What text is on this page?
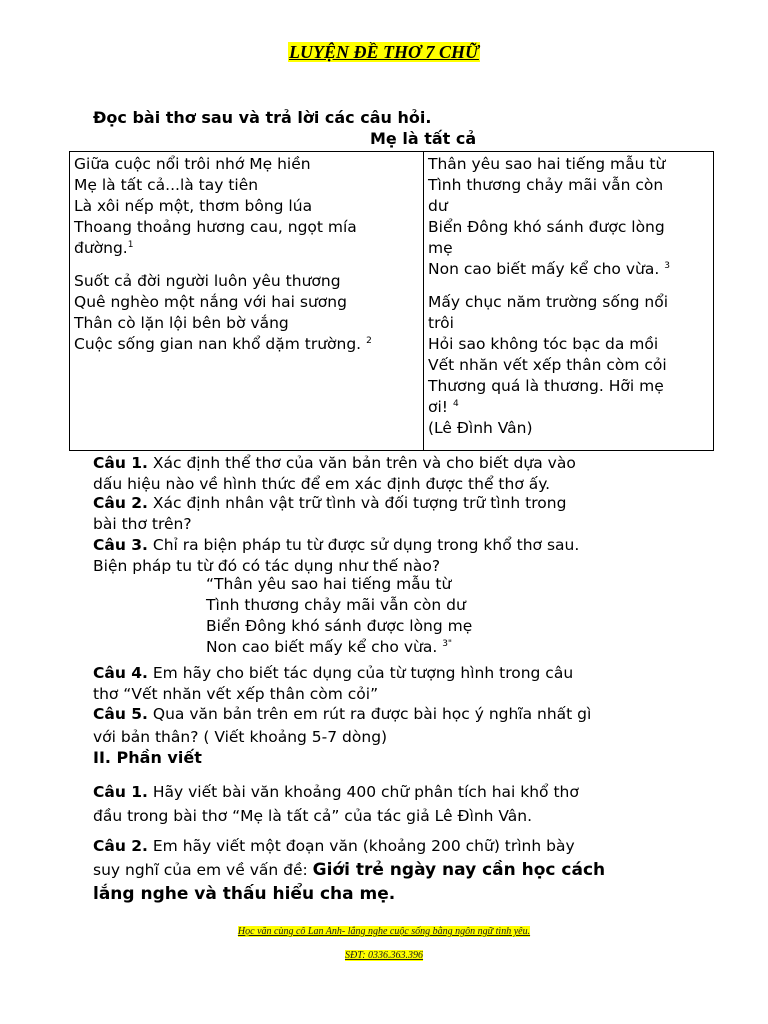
LUYỆN ĐỀ THƠ 7 CHỮ
Đọc bài thơ sau và trả lời các câu hỏi.
Mẹ là tất cả
Giữa cuộc nổi trôi nhớ Mẹ hiền
Mẹ là tất cả...là tay tiên
Là xôi nếp một, thơm bông lúa
Thoang thoảng hương cau, ngọt mía
đường.$^1$
Suốt cả đời người luôn yêu thương
Quê nghèo một nắng với hai sương
Thân cò lặn lội bên bờ vắng
Cuộc sống gian nan khổ dặm trường. $^2$
Thân yêu sao hai tiếng mẫu từ
Tình thương chảy mãi vẫn còn
dư
Biển Đông khó sánh được lòng
mẹ
Non cao biết mấy kể cho vừa. $^3$
Mấy chục năm trường sống nổi
trôi
Hỏi sao không tóc bạc da mồi
Vết nhăn vết xếp thân còm cỏi
Thương quá là thương. Hỡi mẹ
ơi! $^4$
(Lê Đình Vân)
Câu 1. Xác định thể thơ của văn bản trên và cho biết dựa vào
dấu hiệu nào về hình thức để em xác định được thể thơ ấy.
Câu 2. Xác định nhân vật trữ tình và đối tượng trữ tình trong
bài thơ trên?
Câu 3. Chỉ ra biện pháp tu từ được sử dụng trong khổ thơ sau.
Biện pháp tu từ đó có tác dụng như thế nào?
“Thân yêu sao hai tiếng mẫu từ
Tình thương chảy mãi vẫn còn dư
Biển Đông khó sánh được lòng mẹ
Non cao biết mấy kể cho vừa. $^{3"}$
Câu 4. Em hãy cho biết tác dụng của từ tượng hình trong câu
thơ “Vết nhăn vết xếp thân còm cỏi”
Câu 5. Qua văn bản trên em rút ra được bài học ý nghĩa nhất gì
với bản thân? ( Viết khoảng 5-7 dòng)
II. Phần viết
Câu 1. Hãy viết bài văn khoảng 400 chữ phân tích hai khổ thơ
đầu trong bài thơ “Mẹ là tất cả” của tác giả Lê Đình Vân.
Câu 2. Em hãy viết một đoạn văn (khoảng 200 chữ) trình bày
suy nghĩ của em về vấn đề: Giới trẻ ngày nay cần học cách
lắng nghe và thấu hiểu cha mẹ.
Học văn cùng cô Lan Anh- lắng nghe cuộc sống bằng ngôn ngữ tình yêu.
SĐT: 0336.363.396
